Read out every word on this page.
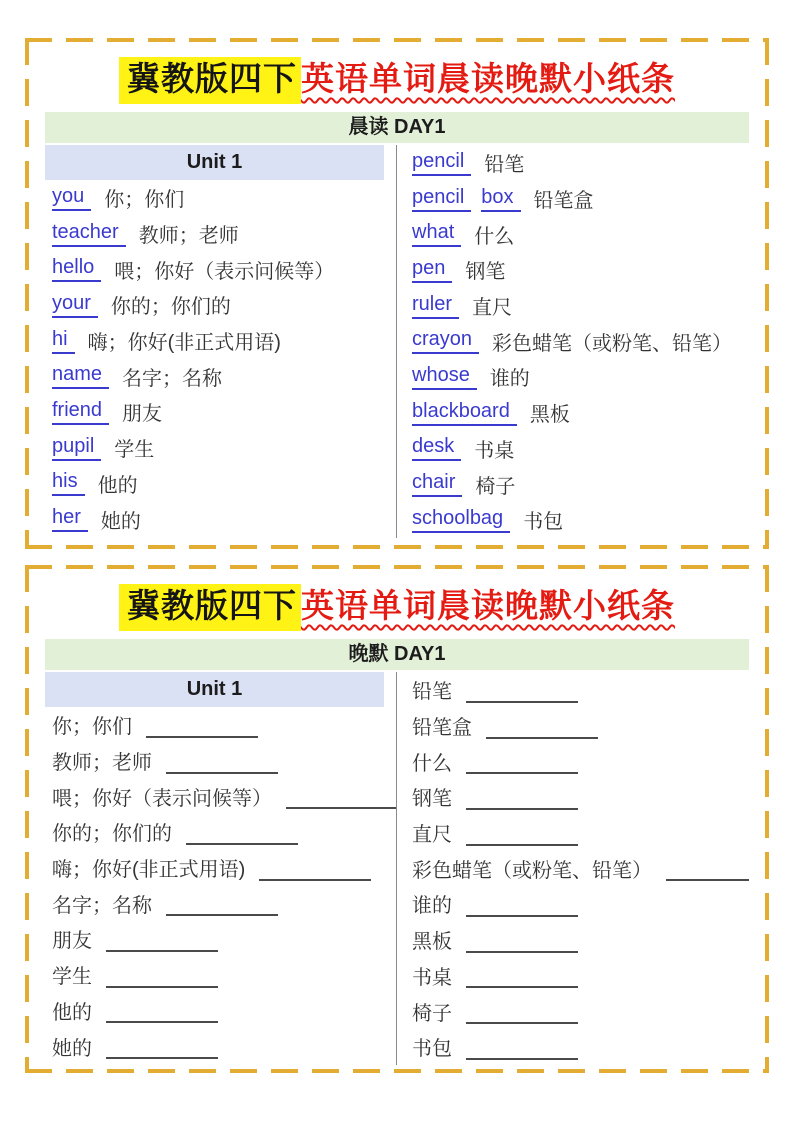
冀教版四下 英语单词晨读晚默小纸条
晨读 DAY1
Unit 1
you	你；你们
teacher	教师；老师
hello	喂；你好（表示问候等）
your	你的；你们的
hi	嗨；你好(非正式用语)
name	名字；名称
friend	朋友
pupil	学生
his	他的
her	她的
pencil	铅笔
pencil box	铅笔盒
what	什么
pen	钢笔
ruler	直尺
crayon	彩色蜡笔（或粉笔、铅笔）
whose	谁的
blackboard	黑板
desk	书桌
chair	椅子
schoolbag	书包
冀教版四下 英语单词晨读晚默小纸条
晚默 DAY1
Unit 1
你；你们
教师；老师
喂；你好（表示问候等）
你的；你们的
嗨；你好(非正式用语)
名字；名称
朋友
学生
他的
她的
铅笔
铅笔盒
什么
钢笔
直尺
彩色蜡笔（或粉笔、铅笔）
谁的
黑板
书桌
椅子
书包
